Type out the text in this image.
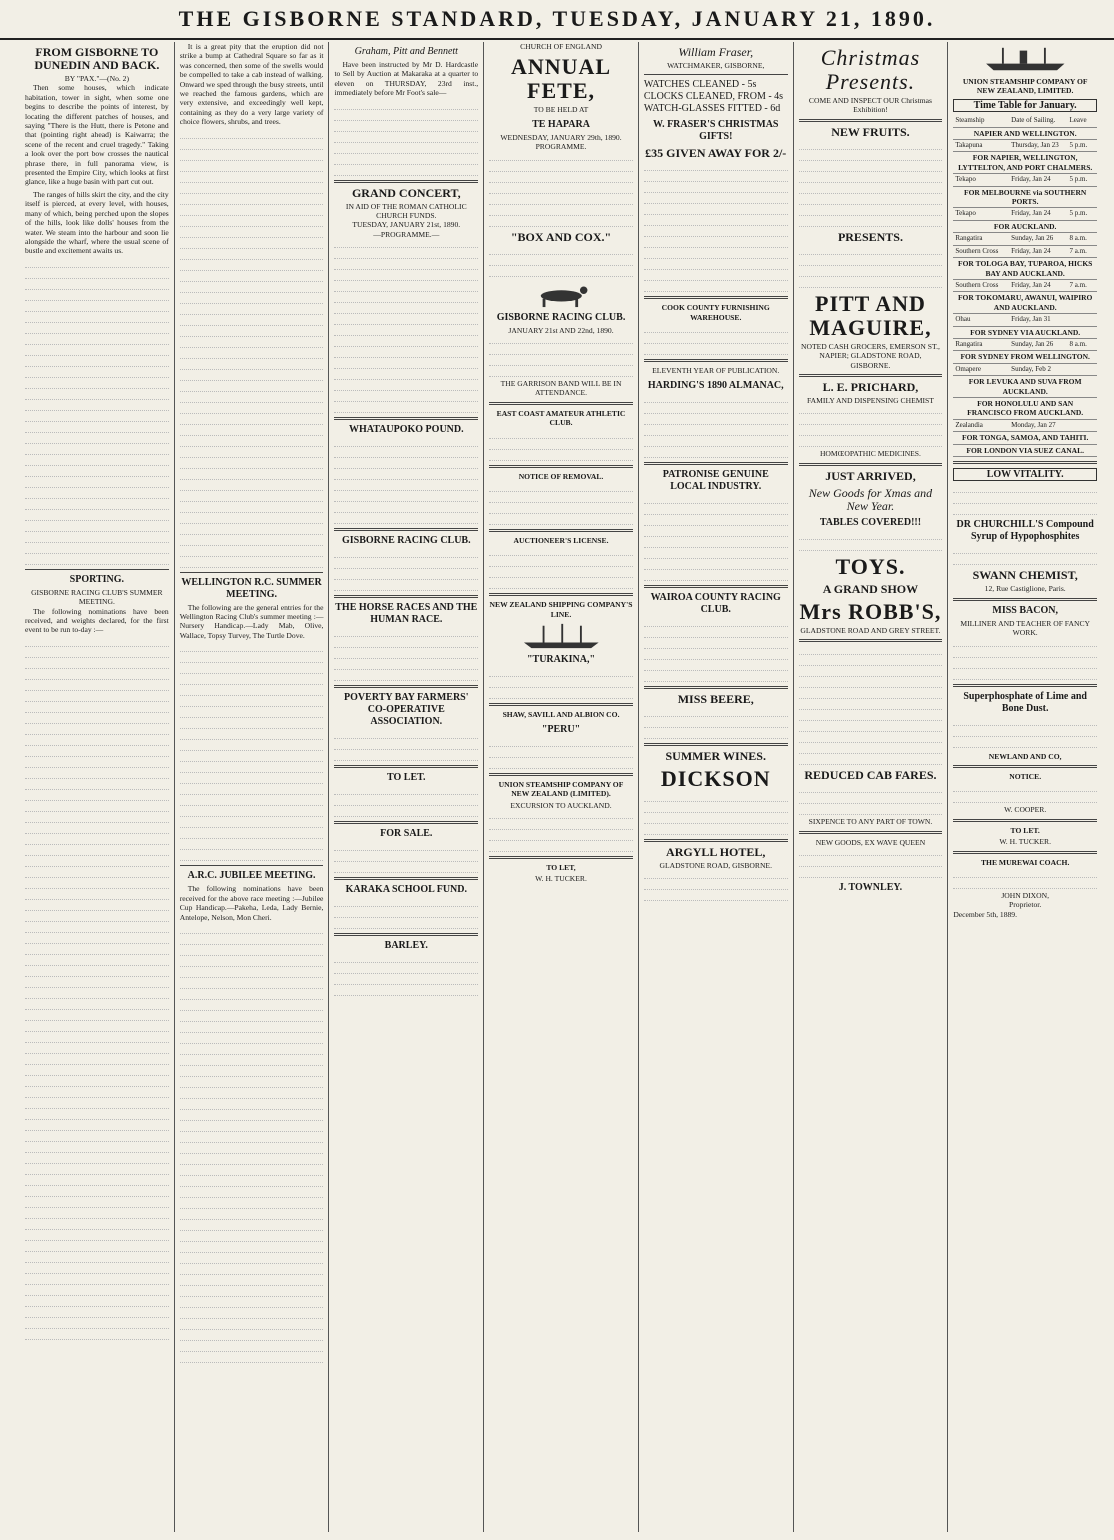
THE GISBORNE STANDARD, TUESDAY, JANUARY 21, 1890.
FROM GISBORNE TO DUNEDIN AND BACK.
BY "PAX."—(No. 2)

Then some houses, which indicate habitation, tower in sight, when some one begins to describe the points of interest, by locating the different patches of houses, and saying "There is the Hutt, there is Petone and that (pointing right ahead) is Kaiwarra; the scene of the recent and cruel tragedy." Taking a look over the port bow crosses the nautical phrase there, in full panorama view, is presented the Empire City, which looks at first glance, like a huge basin with part cut out.

The ranges of hills skirt the city, and the city itself is pierced, at every level, with houses, many of which, being perched upon the slopes of the hills, look like dolls' houses from the water. We steam into the harbour and soon lie alongside the wharf, where the usual scene of bustle and excitement awaits us.

SPORTING.
GISBORNE RACING CLUB'S SUMMER MEETING.

The following nominations have been received, and weights declared, for the first event to be run to-day :—

It is a great pity that the eruption did not strike a bump at Cathedral Square so far as it was concerned, then some of the swells would be compelled to take a cab instead of walking. Onward we sped through the busy streets, until we reached the famous gardens, which are very extensive, and exceedingly well kept, containing as they do a very large variety of choice flowers, shrubs, and trees.

WELLINGTON R.C. SUMMER MEETING.

The following are the general entries for the Wellington Racing Club's summer meeting :—Nursery Handicap.—Lady Mab, Olive, Wallace, Topsy Turvey, The Turtle Dove.

A.R.C. JUBILEE MEETING.

The following nominations have been received for the above race meeting :—Jubilee Cup Handicap.—Pakeha, Leda, Lady Bernie, Antelope, Nelson, Mon Cheri.

Graham, Pitt and Bennett

Have been instructed by Mr D. Hardcastle to Sell by Auction at Makaraka at a quarter to eleven on THURSDAY, 23rd inst., immediately before Mr Foot's sale—

GRAND CONCERT,
IN AID OF THE ROMAN CATHOLIC CHURCH FUNDS.
TUESDAY, JANUARY 21st, 1890.
—PROGRAMME.—
WHATAUPOKO POUND.
GISBORNE RACING CLUB.
THE HORSE RACES AND THE HUMAN RACE.
POVERTY BAY FARMERS' CO-OPERATIVE ASSOCIATION.
TO LET.
FOR SALE.
KARAKA SCHOOL FUND.
BARLEY.
CHURCH OF ENGLAND
ANNUAL FETE,
TO BE HELD AT
TE HAPARA
WEDNESDAY, JANUARY 29th, 1890.
PROGRAMME.
"BOX AND COX."
GISBORNE RACING CLUB.
JANUARY 21st AND 22nd, 1890.
THE GARRISON BAND WILL BE IN ATTENDANCE.
EAST COAST AMATEUR ATHLETIC CLUB.
NOTICE OF REMOVAL.
AUCTIONEER'S LICENSE.
NEW ZEALAND SHIPPING COMPANY'S LINE.
"TURAKINA,"
SHAW, SAVILL AND ALBION CO.
"PERU"
UNION STEAMSHIP COMPANY OF NEW ZEALAND (LIMITED).
EXCURSION TO AUCKLAND.
TO LET,
W. H. TUCKER.
William Fraser,
WATCHMAKER, GISBORNE,
WATCHES CLEANED - 5s
CLOCKS CLEANED, FROM - 4s
WATCH-GLASSES FITTED - 6d
W. FRASER'S CHRISTMAS GIFTS!
£35 GIVEN AWAY FOR 2/-
COOK COUNTY FURNISHING WAREHOUSE.
ELEVENTH YEAR OF PUBLICATION.
HARDING'S 1890 ALMANAC,
PATRONISE GENUINE LOCAL INDUSTRY.
WAIROA COUNTY RACING CLUB.
MISS BEERE,
SUMMER WINES.
DICKSON
ARGYLL HOTEL,
GLADSTONE ROAD, GISBORNE.
Christmas Presents.
COME AND INSPECT OUR Christmas Exhibition!
NEW FRUITS.
PRESENTS.
PITT AND MAGUIRE,
NOTED CASH GROCERS, EMERSON ST., NAPIER; GLADSTONE ROAD, GISBORNE.
L. E. PRICHARD,
FAMILY AND DISPENSING CHEMIST
HOMŒOPATHIC MEDICINES.
JUST ARRIVED,
New Goods for Xmas and New Year.
TABLES COVERED!!!
TOYS.
A GRAND SHOW
Mrs ROBB'S,
GLADSTONE ROAD AND GREY STREET.
REDUCED CAB FARES.
SIXPENCE TO ANY PART OF TOWN.
NEW GOODS, EX WAVE QUEEN
J. TOWNLEY.
UNION STEAMSHIP COMPANY OF NEW ZEALAND, LIMITED.
Time Table for January.
Steamship	Date of Sailing.	Leave
NAPIER AND WELLINGTON.		
Takapuna	Thursday, Jan 23	5 p.m.
FOR NAPIER, WELLINGTON, LYTTELTON, AND PORT CHALMERS.		
Tekapo	Friday, Jan 24	5 p.m.
FOR MELBOURNE via SOUTHERN PORTS.		
Tekapo	Friday, Jan 24	5 p.m.
FOR AUCKLAND.		
Rangatira	Sunday, Jan 26	8 a.m.
Southern Cross	Friday, Jan 24	7 a.m.
FOR TOLOGA BAY, TUPAROA, HICKS BAY AND AUCKLAND.		
Southern Cross	Friday, Jan 24	7 a.m.
FOR TOKOMARU, AWANUI, WAIPIRO AND AUCKLAND.		
Ohau	Friday, Jan 31	
FOR SYDNEY VIA AUCKLAND.		
Rangatira	Sunday, Jan 26	8 a.m.
FOR SYDNEY FROM WELLINGTON.		
Omapere	Sunday, Feb 2	
FOR LEVUKA AND SUVA FROM AUCKLAND.		
FOR HONOLULU AND SAN FRANCISCO FROM AUCKLAND.		
Zealandia	Monday, Jan 27	
FOR TONGA, SAMOA, AND TAHITI.		
FOR LONDON VIA SUEZ CANAL.		
LOW VITALITY.
DR CHURCHILL'S Compound Syrup of Hypophosphites
SWANN CHEMIST,
12, Rue Castiglione, Paris.
MISS BACON,
MILLINER AND TEACHER OF FANCY WORK.
Superphosphate of Lime and Bone Dust.
NEWLAND AND CO,
NOTICE.
W. COOPER.
TO LET.
W. H. TUCKER.
THE MUREWAI COACH.
JOHN DIXON,
Proprietor.
December 5th, 1889.
